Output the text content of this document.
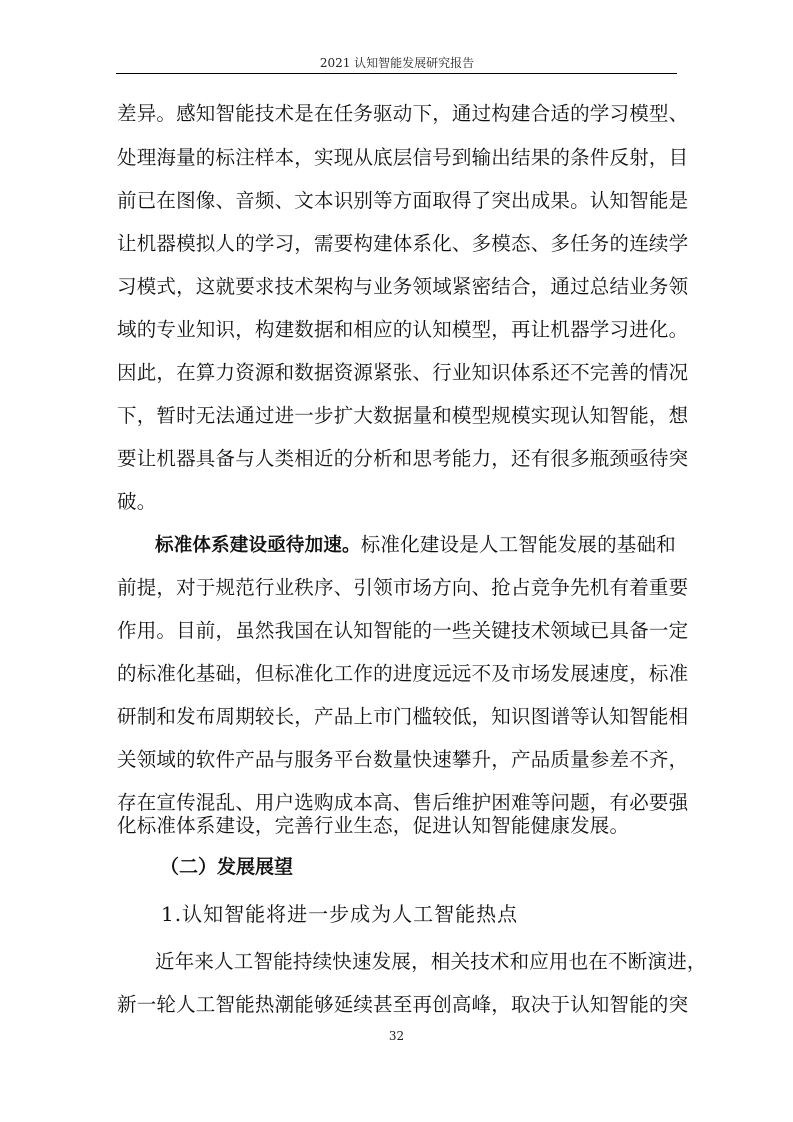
2021 认知智能发展研究报告
差异。感知智能技术是在任务驱动下，通过构建合适的学习模型、
处理海量的标注样本，实现从底层信号到输出结果的条件反射，目
前已在图像、音频、文本识别等方面取得了突出成果。认知智能是
让机器模拟人的学习，需要构建体系化、多模态、多任务的连续学
习模式，这就要求技术架构与业务领域紧密结合，通过总结业务领
域的专业知识，构建数据和相应的认知模型，再让机器学习进化。
因此，在算力资源和数据资源紧张、行业知识体系还不完善的情况
下，暂时无法通过进一步扩大数据量和模型规模实现认知智能，想
要让机器具备与人类相近的分析和思考能力，还有很多瓶颈亟待突
破。
标准体系建设亟待加速。标准化建设是人工智能发展的基础和
前提，对于规范行业秩序、引领市场方向、抢占竞争先机有着重要
作用。目前，虽然我国在认知智能的一些关键技术领域已具备一定
的标准化基础，但标准化工作的进度远远不及市场发展速度，标准
研制和发布周期较长，产品上市门槛较低，知识图谱等认知智能相
关领域的软件产品与服务平台数量快速攀升，产品质量参差不齐，
存在宣传混乱、用户选购成本高、售后维护困难等问题，有必要强
化标准体系建设，完善行业生态，促进认知智能健康发展。
（二）发展展望
1.认知智能将进一步成为人工智能热点
近年来人工智能持续快速发展，相关技术和应用也在不断演进，
新一轮人工智能热潮能够延续甚至再创高峰，取决于认知智能的突
32
